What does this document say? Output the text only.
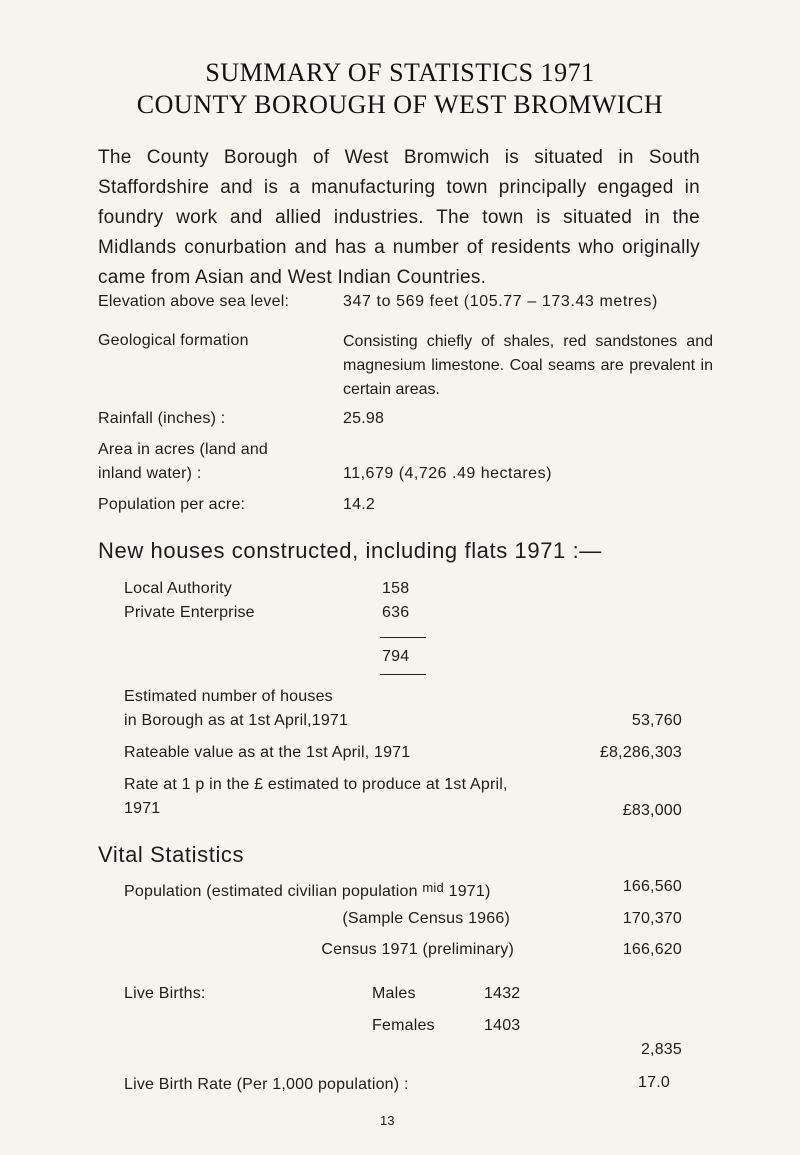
SUMMARY OF STATISTICS 1971
COUNTY BOROUGH OF WEST BROMWICH
The County Borough of West Bromwich is situated in South Staffordshire and is a manufacturing town principally engaged in foundry work and allied industries. The town is situated in the Midlands conurbation and has a number of residents who originally came from Asian and West Indian Countries.
Elevation above sea level:	347 to 569 feet (105.77 – 173.43 metres)
Geological formation	Consisting chiefly of shales, red sandstones and magnesium limestone. Coal seams are prevalent in certain areas.
Rainfall (inches) :	25.98
Area in acres (land and
inland water) :	11,679 (4,726 .49 hectares)
Population per acre:	14.2
New houses constructed, including flats 1971 :—
Local Authority	158
Private Enterprise	636
794
Estimated number of houses
in Borough as at 1st April,1971	53,760
Rateable value as at the 1st April, 1971	£8,286,303
Rate at 1 p in the £ estimated to produce at 1st April,
1971	£83,000
Vital Statistics
Population (estimated civilian population $^{mid}$ 1971)	166,560
(Sample Census 1966)	170,370
Census 1971 (preliminary)	166,620
Live Births:	Males	1432
Females	1403
2,835
Live Birth Rate (Per 1,000 population) :	17.0
13
